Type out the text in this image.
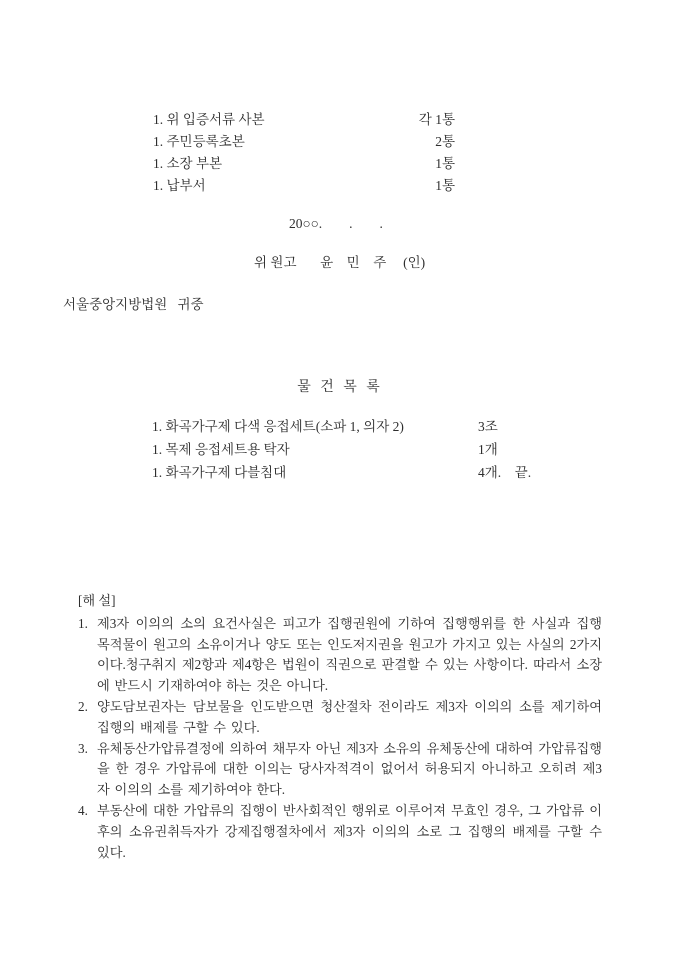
1. 위 입증서류 사본	각 1통
1. 주민등록초본	2통
1. 소장 부본	1통
1. 납부서	1통
20○○.        .        .
위 원고       윤    민    주     (인)
서울중앙지방법원   귀중
물 건 목 록
1. 화곡가구제 다색 응접세트(소파 1, 의자 2)	3조
1. 목제 응접세트용 탁자	1개
1. 화곡가구제 다블침대	4개.    끝.
[해 설]
1. 제3자 이의의 소의 요건사실은 피고가 집행권원에 기하여 집행행위를 한 사실과 집행 목적물이 원고의 소유이거나 양도 또는 인도저지권을 원고가 가지고 있는 사실의 2가지이다.청구취지 제2항과 제4항은 법원이 직권으로 판결할 수 있는 사항이다. 따라서 소장에 반드시 기재하여야 하는 것은 아니다.
2. 양도담보권자는 담보물을 인도받으면 청산절차 전이라도 제3자 이의의 소를 제기하여 집행의 배제를 구할 수 있다.
3. 유체동산가압류결정에 의하여 채무자 아닌 제3자 소유의 유체동산에 대하여 가압류집행을 한 경우 가압류에 대한 이의는 당사자적격이 없어서 허용되지 아니하고 오히려 제3자 이의의 소를 제기하여야 한다.
4. 부동산에 대한 가압류의 집행이 반사회적인 행위로 이루어져 무효인 경우, 그 가압류 이후의 소유권취득자가 강제집행절차에서 제3자 이의의 소로 그 집행의 배제를 구할 수 있다.
